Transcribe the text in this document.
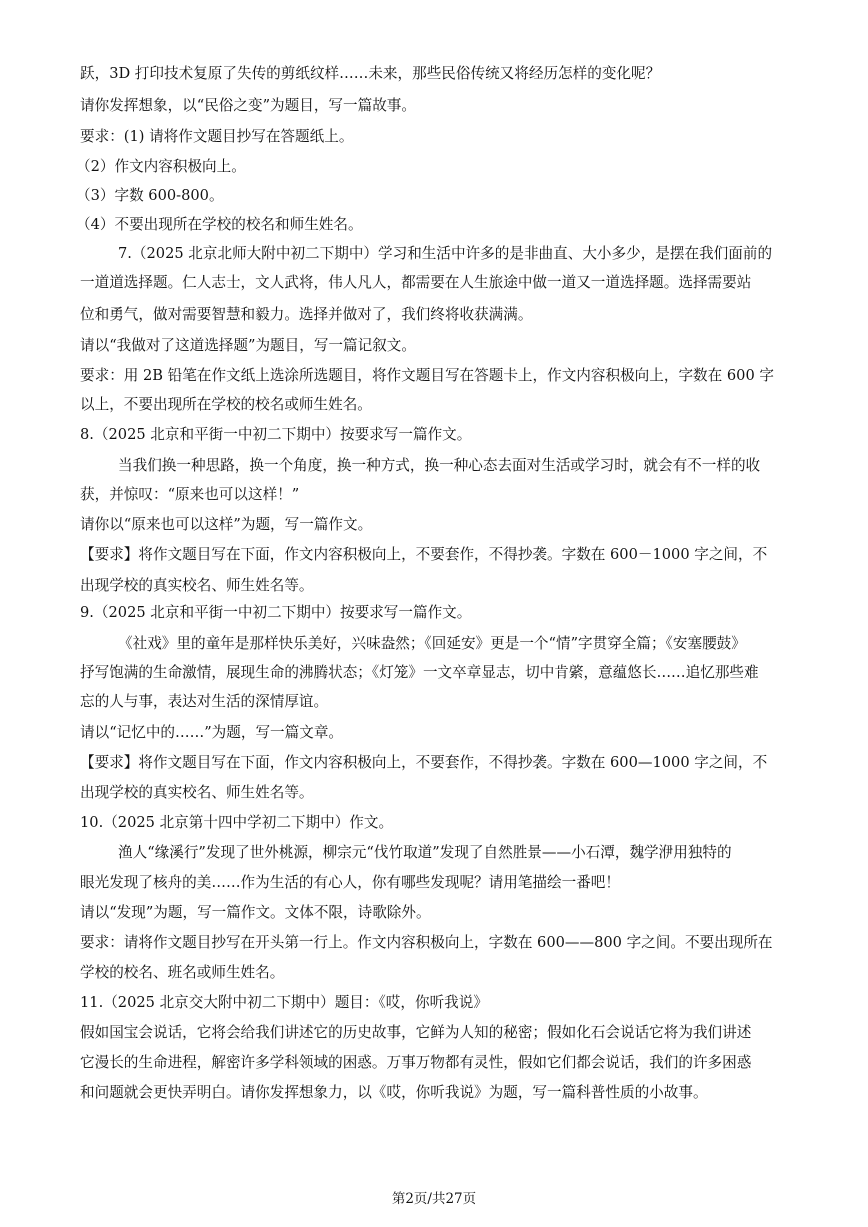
跃，3D 打印技术复原了失传的剪纸纹样……未来，那些民俗传统又将经历怎样的变化呢？
请你发挥想象，以“民俗之变”为题目，写一篇故事。
要求：(1) 请将作文题目抄写在答题纸上。
（2）作文内容积极向上。
（3）字数 600-800。
（4）不要出现所在学校的校名和师生姓名。
7.（2025 北京北师大附中初二下期中）学习和生活中许多的是非曲直、大小多少，是摆在我们面前的
一道道选择题。仁人志士，文人武将，伟人凡人，都需要在人生旅途中做一道又一道选择题。选择需要站
位和勇气，做对需要智慧和毅力。选择并做对了，我们终将收获满满。
请以“我做对了这道选择题”为题目，写一篇记叙文。
要求：用 2B 铅笔在作文纸上选涂所选题目，将作文题目写在答题卡上，作文内容积极向上，字数在 600 字
以上，不要出现所在学校的校名或师生姓名。
8.（2025 北京和平街一中初二下期中）按要求写一篇作文。
当我们换一种思路，换一个角度，换一种方式，换一种心态去面对生活或学习时，就会有不一样的收
获，并惊叹：“原来也可以这样！”
请你以“原来也可以这样”为题，写一篇作文。
【要求】将作文题目写在下面，作文内容积极向上，不要套作，不得抄袭。字数在 600－1000 字之间，不
出现学校的真实校名、师生姓名等。
9.（2025 北京和平街一中初二下期中）按要求写一篇作文。
《社戏》里的童年是那样快乐美好，兴味盎然；《回延安》更是一个“情”字贯穿全篇；《安塞腰鼓》
抒写饱满的生命激情，展现生命的沸腾状态；《灯笼》一文卒章显志，切中肯綮，意蕴悠长……追忆那些难
忘的人与事，表达对生活的深情厚谊。
请以“记忆中的……”为题，写一篇文章。
【要求】将作文题目写在下面，作文内容积极向上，不要套作，不得抄袭。字数在 600—1000 字之间，不
出现学校的真实校名、师生姓名等。
10.（2025 北京第十四中学初二下期中）作文。
渔人“缘溪行”发现了世外桃源，柳宗元“伐竹取道”发现了自然胜景——小石潭，魏学洢用独特的
眼光发现了核舟的美……作为生活的有心人，你有哪些发现呢？请用笔描绘一番吧！
请以“发现”为题，写一篇作文。文体不限，诗歌除外。
要求：请将作文题目抄写在开头第一行上。作文内容积极向上，字数在 600——800 字之间。不要出现所在
学校的校名、班名或师生姓名。
11.（2025 北京交大附中初二下期中）题目：《哎，你听我说》
假如国宝会说话，它将会给我们讲述它的历史故事，它鲜为人知的秘密；假如化石会说话它将为我们讲述
它漫长的生命进程，解密许多学科领域的困惑。万事万物都有灵性，假如它们都会说话，我们的许多困惑
和问题就会更快弄明白。请你发挥想象力，以《哎，你听我说》为题，写一篇科普性质的小故事。
第2页/共27页
